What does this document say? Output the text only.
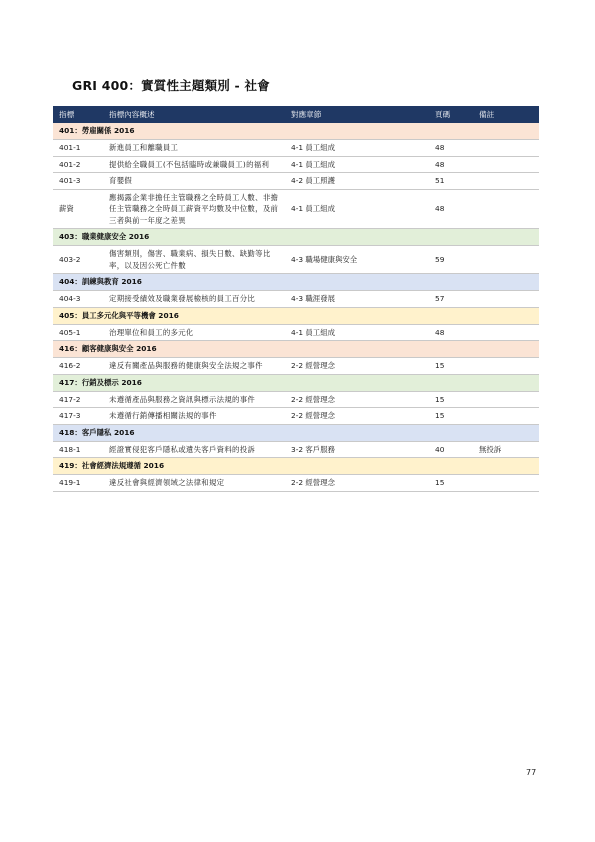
GRI 400：實質性主題類別 - 社會
指標	指標內容概述	對應章節	頁碼	備註
401：勞雇關係 2016				
401-1	新進員工和離職員工	4-1 員工組成	48	
401-2	提供給全職員工(不包括臨時或兼職員工)的福利	4-1 員工組成	48	
401-3	育嬰假	4-2 員工照護	51	
薪資	應揭露企業非擔任主管職務之全時員工人數、非擔任主管職務之全時員工薪資平均數及中位數，及前三者與前一年度之差異	4-1 員工組成	48	
403：職業健康安全 2016				
403-2	傷害類別，傷害、職業病、損失日數、缺勤等比率，以及因公死亡件數	4-3 職場健康與安全	59	
404：訓練與教育 2016				
404-3	定期接受績效及職業發展檢核的員工百分比	4-3 職涯發展	57	
405：員工多元化與平等機會 2016				
405-1	治理單位和員工的多元化	4-1 員工組成	48	
416：顧客健康與安全 2016				
416-2	違反有關產品與服務的健康與安全法規之事件	2-2 經營理念	15	
417：行銷及標示 2016				
417-2	未遵循產品與服務之資訊與標示法規的事件	2-2 經營理念	15	
417-3	未遵循行銷傳播相關法規的事件	2-2 經營理念	15	
418：客戶隱私 2016				
418-1	經證實侵犯客戶隱私或遺失客戶資料的投訴	3-2 客戶服務	40	無投訴
419：社會經濟法規遵循 2016				
419-1	違反社會與經濟領域之法律和規定	2-2 經營理念	15	
77
